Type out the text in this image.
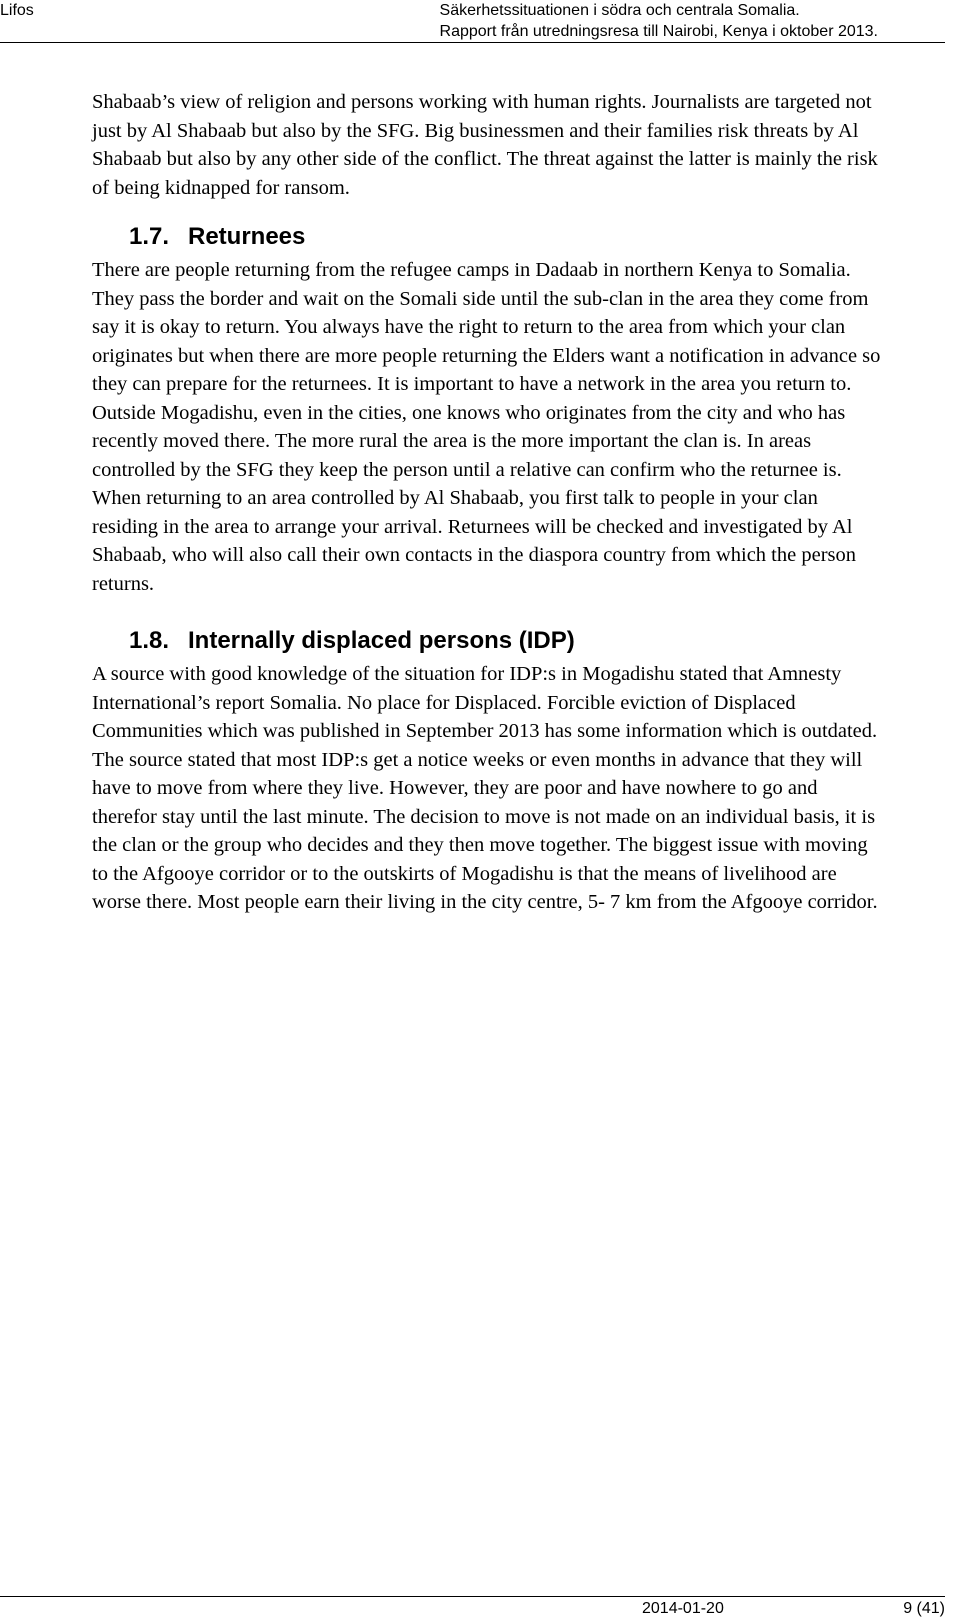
Lifos	Säkerhetssituationen i södra och centrala Somalia.
Rapport från utredningsresa till Nairobi, Kenya i oktober 2013.

Shabaab’s view of religion and persons working with human rights. Journalists are targeted not just by Al Shabaab but also by the SFG. Big businessmen and their families risk threats by Al Shabaab but also by any other side of the conflict. The threat against the latter is mainly the risk of being kidnapped for ransom.

1.7. Returnees

There are people returning from the refugee camps in Dadaab in northern Kenya to Somalia. They pass the border and wait on the Somali side until the sub-clan in the area they come from say it is okay to return. You always have the right to return to the area from which your clan originates but when there are more people returning the Elders want a notification in advance so they can prepare for the returnees. It is important to have a network in the area you return to. Outside Mogadishu, even in the cities, one knows who originates from the city and who has recently moved there. The more rural the area is the more important the clan is. In areas controlled by the SFG they keep the person until a relative can confirm who the returnee is. When returning to an area controlled by Al Shabaab, you first talk to people in your clan residing in the area to arrange your arrival. Returnees will be checked and investigated by Al Shabaab, who will also call their own contacts in the diaspora country from which the person returns.

1.8. Internally displaced persons (IDP)

A source with good knowledge of the situation for IDP:s in Mogadishu stated that Amnesty International’s report Somalia. No place for Displaced. Forcible eviction of Displaced Communities which was published in September 2013 has some information which is outdated. The source stated that most IDP:s get a notice weeks or even months in advance that they will have to move from where they live. However, they are poor and have nowhere to go and therefor stay until the last minute. The decision to move is not made on an individual basis, it is the clan or the group who decides and they then move together. The biggest issue with moving to the Afgooye corridor or to the outskirts of Mogadishu is that the means of livelihood are worse there. Most people earn their living in the city centre, 5- 7 km from the Afgooye corridor.

2014-01-20	9 (41)
